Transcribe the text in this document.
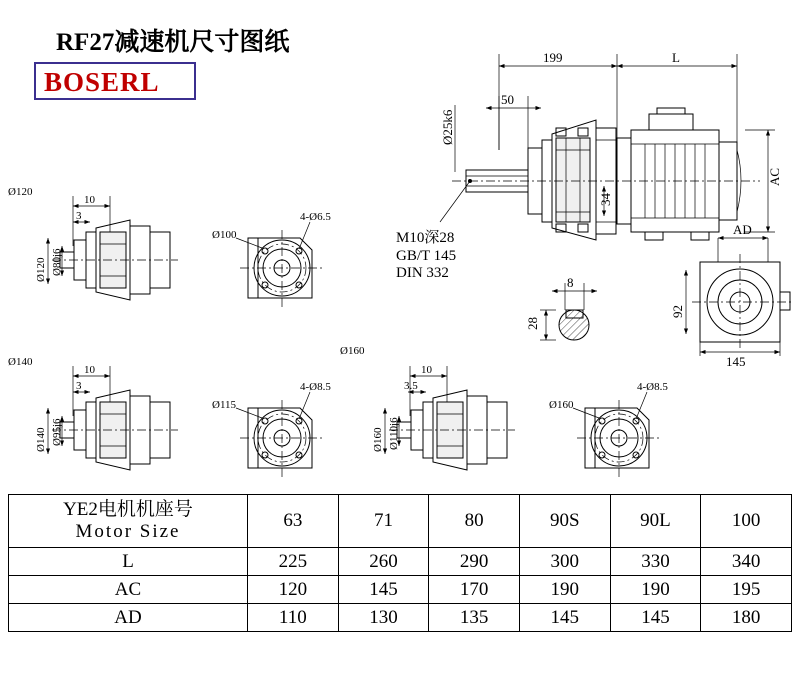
RF27减速机尺寸图纸
BOSERL
199	L
50
Ø25k6
34
AC
8
28
AD
92
145
10
3
Ø120 Ø80j6
Ø120
Ø100
4-Ø6.5
10
3
Ø140 Ø95j6
Ø140
Ø115
4-Ø8.5
10
3.5
Ø160 Ø110j6
Ø160
Ø160
4-Ø8.5
M10深28
GB/T 145
DIN 332
YE2电机机座号
Motor Size	63	71	80	90S	90L	100
L	225	260	290	300	330	340
AC	120	145	170	190	190	195
AD	110	130	135	145	145	180
